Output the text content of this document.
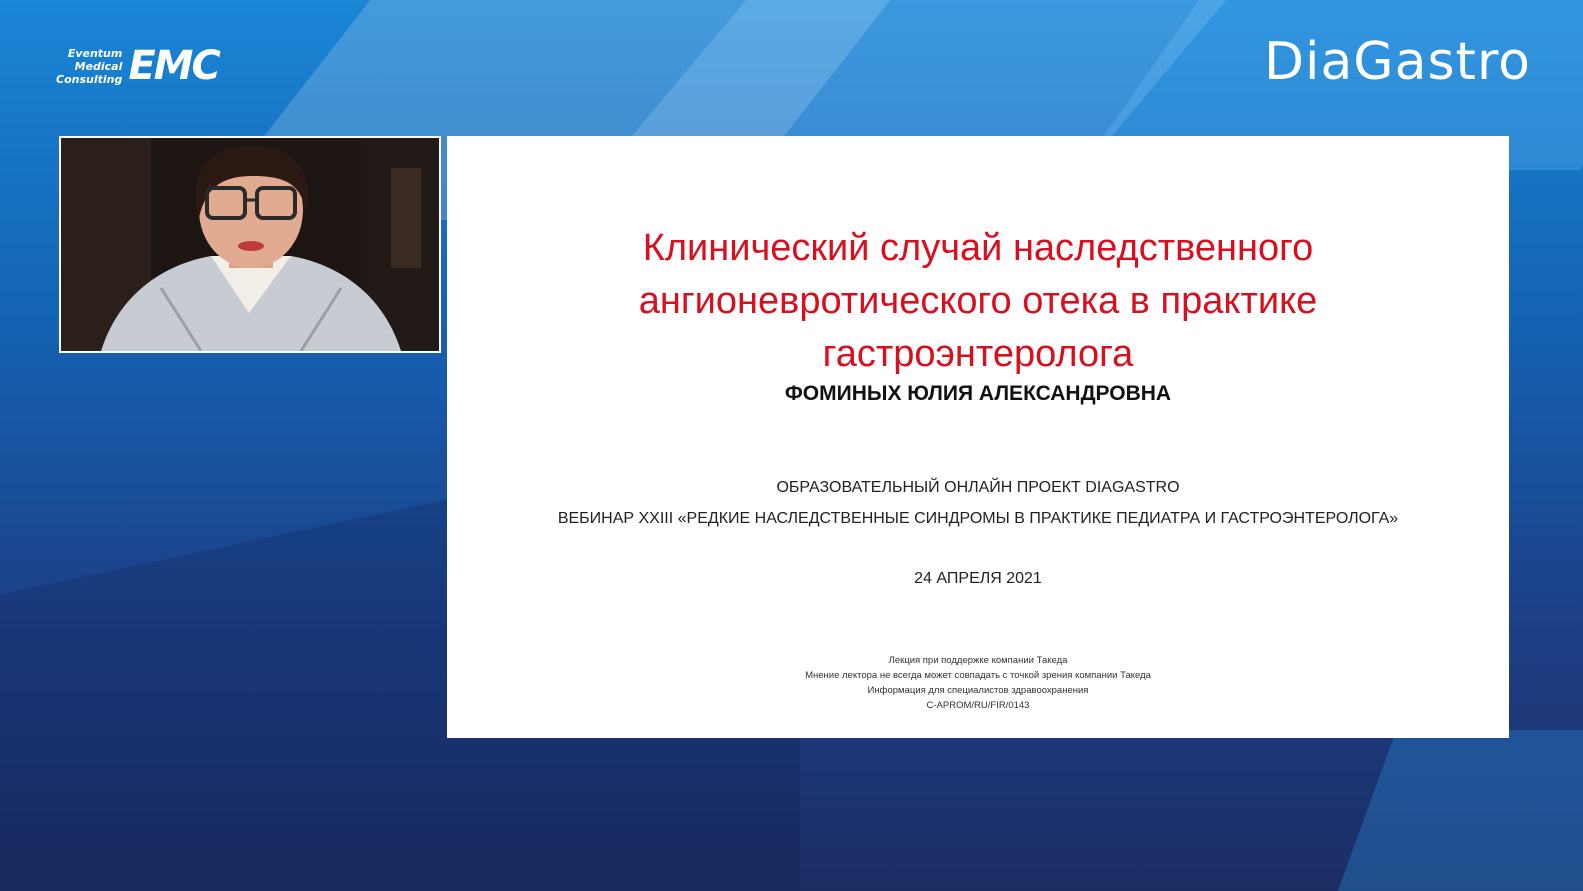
Eventum
Medical
Consulting EMC	DiaGastro
Клинический случай наследственного
ангионевротического отека в практике
гастроэнтеролога
ФОМИНЫХ ЮЛИЯ АЛЕКСАНДРОВНА
ОБРАЗОВАТЕЛЬНЫЙ ОНЛАЙН ПРОЕКТ DIAGASTRO
ВЕБИНАР XXIII «РЕДКИЕ НАСЛЕДСТВЕННЫЕ СИНДРОМЫ В ПРАКТИКЕ ПЕДИАТРА И ГАСТРОЭНТЕРОЛОГА»
24 АПРЕЛЯ 2021
Лекция при поддержке компании Такеда
Мнение лектора не всегда может совпадать с точкой зрения компании Такеда
Информация для специалистов здравоохранения
C-APROM/RU/FIR/0143
